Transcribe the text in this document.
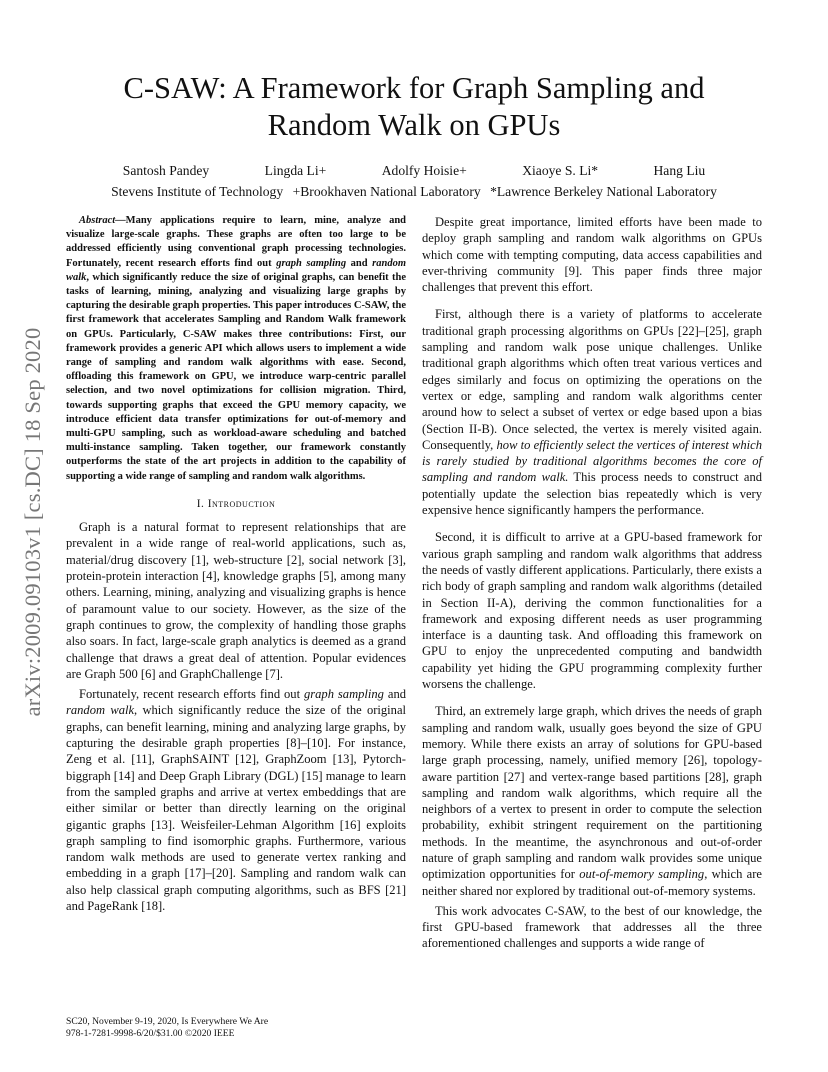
arXiv:2009.09103v1 [cs.DC] 18 Sep 2020
C-SAW: A Framework for Graph Sampling and
Random Walk on GPUs
Santosh Pandey	Lingda Li+	Adolfy Hoisie+	Xiaoye S. Li*	Hang Liu
Stevens Institute of Technology +Brookhaven National Laboratory *Lawrence Berkeley National Laboratory

Abstract—Many applications require to learn, mine, analyze and visualize large-scale graphs. These graphs are often too large to be addressed efficiently using conventional graph processing technologies. Fortunately, recent research efforts find out graph sampling and random walk, which significantly reduce the size of original graphs, can benefit the tasks of learning, mining, analyzing and visualizing large graphs by capturing the desirable graph properties. This paper introduces C-SAW, the first framework that accelerates Sampling and Random Walk framework on GPUs. Particularly, C-SAW makes three contributions: First, our framework provides a generic API which allows users to implement a wide range of sampling and random walk algorithms with ease. Second, offloading this framework on GPU, we introduce warp-centric parallel selection, and two novel optimizations for collision migration. Third, towards supporting graphs that exceed the GPU memory capacity, we introduce efficient data transfer optimizations for out-of-memory and multi-GPU sampling, such as workload-aware scheduling and batched multi-instance sampling. Taken together, our framework constantly outperforms the state of the art projects in addition to the capability of supporting a wide range of sampling and random walk algorithms.

I. Introduction

Graph is a natural format to represent relationships that are prevalent in a wide range of real-world applications, such as, material/drug discovery [1], web-structure [2], social network [3], protein-protein interaction [4], knowledge graphs [5], among many others. Learning, mining, analyzing and visualizing graphs is hence of paramount value to our society. However, as the size of the graph continues to grow, the complexity of handling those graphs also soars. In fact, large-scale graph analytics is deemed as a grand challenge that draws a great deal of attention. Popular evidences are Graph 500 [6] and GraphChallenge [7].

Fortunately, recent research efforts find out graph sampling and random walk, which significantly reduce the size of the original graphs, can benefit learning, mining and analyzing large graphs, by capturing the desirable graph properties [8]–[10]. For instance, Zeng et al. [11], GraphSAINT [12], GraphZoom [13], Pytorch-biggraph [14] and Deep Graph Library (DGL) [15] manage to learn from the sampled graphs and arrive at vertex embeddings that are either similar or better than directly learning on the original gigantic graphs [13]. Weisfeiler-Lehman Algorithm [16] exploits graph sampling to find isomorphic graphs. Furthermore, various random walk methods are used to generate vertex ranking and embedding in a graph [17]–[20]. Sampling and random walk can also help classical graph computing algorithms, such as BFS [21] and PageRank [18].

Despite great importance, limited efforts have been made to deploy graph sampling and random walk algorithms on GPUs which come with tempting computing, data access capabilities and ever-thriving community [9]. This paper finds three major challenges that prevent this effort.

First, although there is a variety of platforms to accelerate traditional graph processing algorithms on GPUs [22]–[25], graph sampling and random walk pose unique challenges. Unlike traditional graph algorithms which often treat various vertices and edges similarly and focus on optimizing the operations on the vertex or edge, sampling and random walk algorithms center around how to select a subset of vertex or edge based upon a bias (Section II-B). Once selected, the vertex is merely visited again. Consequently, how to efficiently select the vertices of interest which is rarely studied by traditional algorithms becomes the core of sampling and random walk. This process needs to construct and potentially update the selection bias repeatedly which is very expensive hence significantly hampers the performance.

Second, it is difficult to arrive at a GPU-based framework for various graph sampling and random walk algorithms that address the needs of vastly different applications. Particularly, there exists a rich body of graph sampling and random walk algorithms (detailed in Section II-A), deriving the common functionalities for a framework and exposing different needs as user programming interface is a daunting task. And offloading this framework on GPU to enjoy the unprecedented computing and bandwidth capability yet hiding the GPU programming complexity further worsens the challenge.

Third, an extremely large graph, which drives the needs of graph sampling and random walk, usually goes beyond the size of GPU memory. While there exists an array of solutions for GPU-based large graph processing, namely, unified memory [26], topology-aware partition [27] and vertex-range based partitions [28], graph sampling and random walk algorithms, which require all the neighbors of a vertex to present in order to compute the selection probability, exhibit stringent requirement on the partitioning methods. In the meantime, the asynchronous and out-of-order nature of graph sampling and random walk provides some unique optimization opportunities for out-of-memory sampling, which are neither shared nor explored by traditional out-of-memory systems.

This work advocates C-SAW, to the best of our knowledge, the first GPU-based framework that addresses all the three aforementioned challenges and supports a wide range of

SC20, November 9-19, 2020, Is Everywhere We Are
978-1-7281-9998-6/20/$31.00 ©2020 IEEE
